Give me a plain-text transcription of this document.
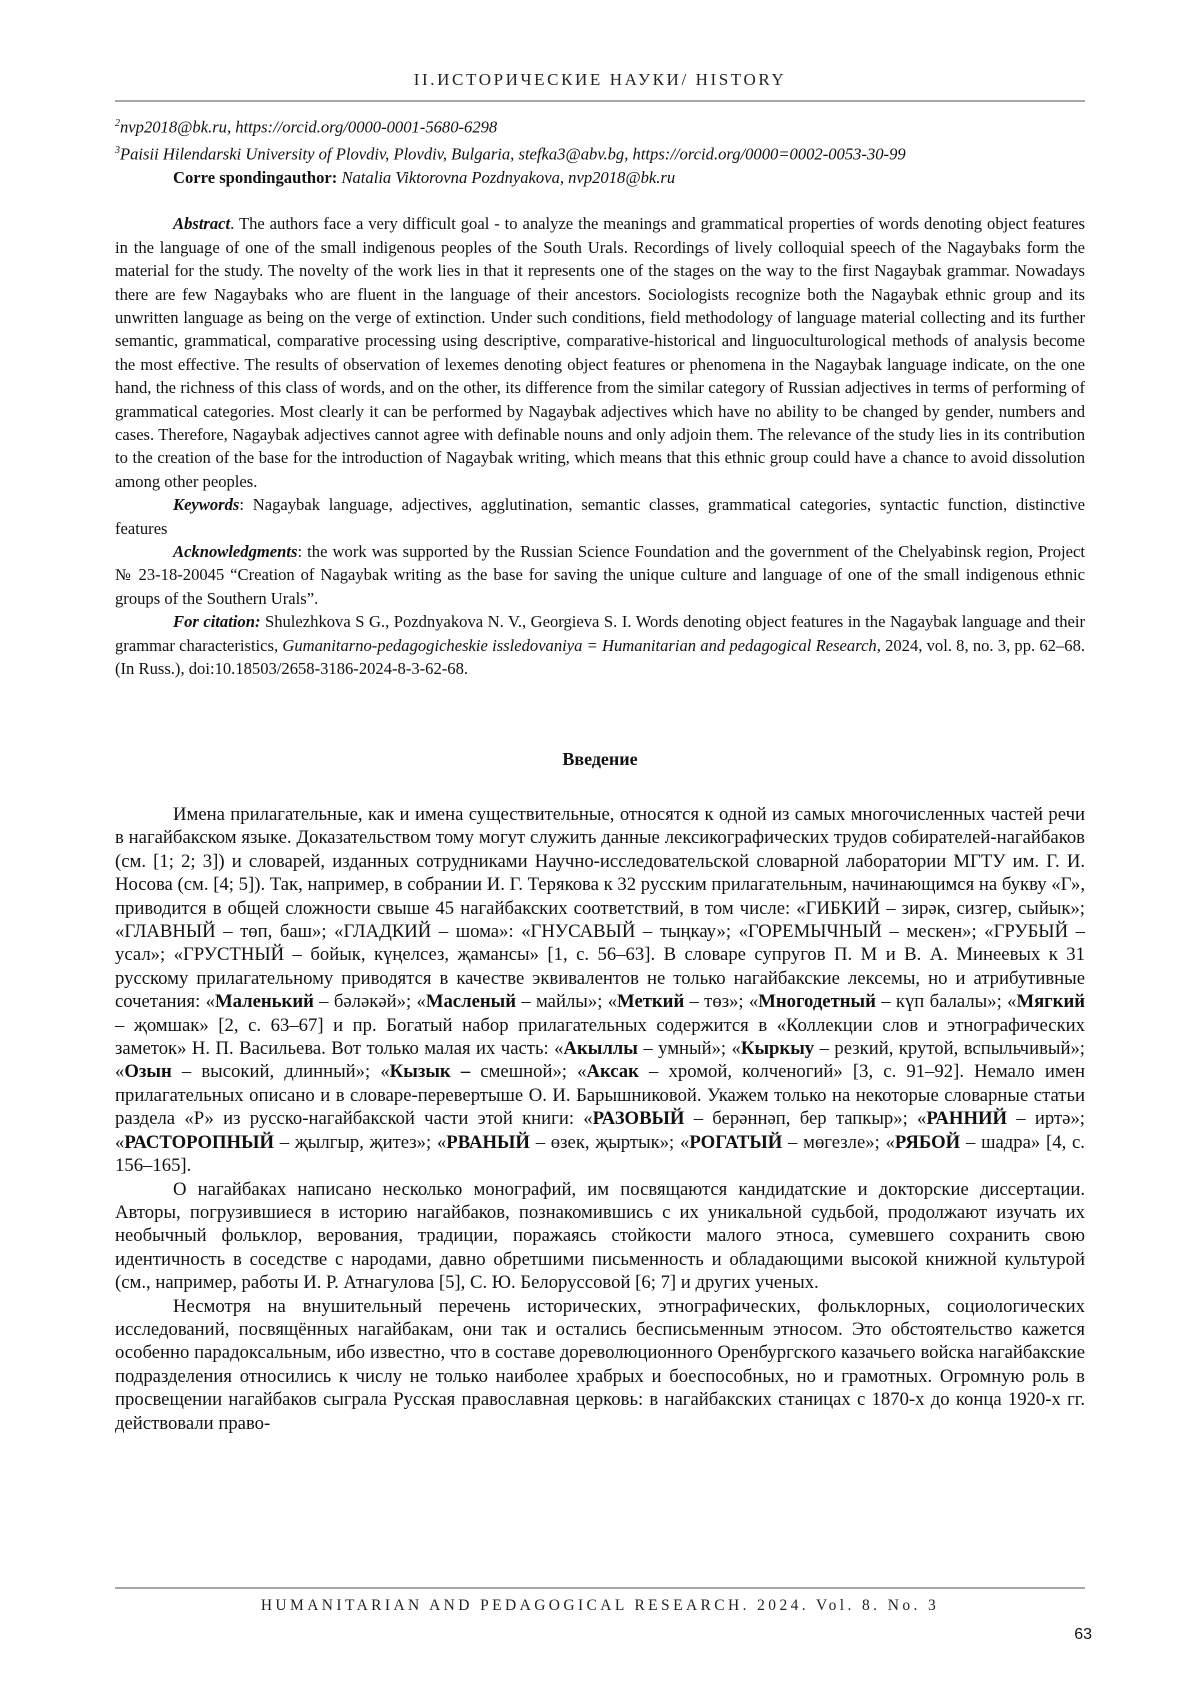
II.ИСТОРИЧЕСКИЕ НАУКИ/ HISTORY
$^2$nvp2018@bk.ru, https://orcid.org/0000-0001-5680-6298
$^3$Paisii Hilendarski University of Plovdiv, Plovdiv, Bulgaria, stefka3@abv.bg, https://orcid.org/0000=0002-0053-30-99
Corre spondingauthor: Natalia Viktorovna Pozdnyakova, nvp2018@bk.ru

Abstract. The authors face a very difficult goal - to analyze the meanings and grammatical properties of words denoting object features in the language of one of the small indigenous peoples of the South Urals. Recordings of lively colloquial speech of the Nagaybaks form the material for the study. The novelty of the work lies in that it represents one of the stages on the way to the first Nagaybak grammar. Nowadays there are few Nagaybaks who are fluent in the language of their ancestors. Sociologists recognize both the Nagaybak ethnic group and its unwritten language as being on the verge of extinction. Under such conditions, field methodology of language material collecting and its further semantic, grammatical, comparative processing using descriptive, comparative-historical and linguoculturological methods of analysis become the most effective. The results of observation of lexemes denoting object features or phenomena in the Nagaybak language indicate, on the one hand, the richness of this class of words, and on the other, its difference from the similar category of Russian adjectives in terms of performing of grammatical categories. Most clearly it can be performed by Nagaybak adjectives which have no ability to be changed by gender, numbers and cases. Therefore, Nagaybak adjectives cannot agree with definable nouns and only adjoin them. The relevance of the study lies in its contribution to the creation of the base for the introduction of Nagaybak writing, which means that this ethnic group could have a chance to avoid dissolution among other peoples.

Keywords: Nagaybak language, adjectives, agglutination, semantic classes, grammatical categories, syntactic function, distinctive features

Acknowledgments: the work was supported by the Russian Science Foundation and the government of the Chelyabinsk region, Project № 23-18-20045 “Creation of Nagaybak writing as the base for saving the unique culture and language of one of the small indigenous ethnic groups of the Southern Urals”.

For citation: Shulezhkova S G., Pozdnyakova N. V., Georgieva S. I. Words denoting object features in the Nagaybak language and their grammar characteristics, Gumanitarno-pedagogicheskie issledovaniya = Humanitarian and pedagogical Research, 2024, vol. 8, no. 3, pp. 62–68. (In Russ.), doi:10.18503/2658-3186-2024-8-3-62-68.

Введение

Имена прилагательные, как и имена существительные, относятся к одной из самых многочисленных частей речи в нагайбакском языке. Доказательством тому могут служить данные лексикографических трудов собирателей-нагайбаков (см. [1; 2; 3]) и словарей, изданных сотрудниками Научно-исследовательской словарной лаборатории МГТУ им. Г. И. Носова (см. [4; 5]). Так, например, в собрании И. Г. Терякова к 32 русским прилагательным, начинающимся на букву «Г», приводится в общей сложности свыше 45 нагайбакских соответствий, в том числе: «ГИБКИЙ – зирәк, сизгер, сыйык»; «ГЛАВНЫЙ – төп, баш»; «ГЛАДКИЙ – шома»: «ГНУСАВЫЙ – тыңкау»; «ГОРЕМЫЧНЫЙ – мескен»; «ГРУБЫЙ – усал»; «ГРУСТНЫЙ – бойык, күңелсез, җамансы» [1, с. 56–63]. В словаре супругов П. М и В. А. Минеевых к 31 русскому прилагательному приводятся в качестве эквивалентов не только нагайбакские лексемы, но и атрибутивные сочетания: «Маленький – бәләкәй»; «Масленый – майлы»; «Меткий – төз»; «Многодетный – күп балалы»; «Мягкий – җомшак» [2, с. 63–67] и пр. Богатый набор прилагательных содержится в «Коллекции слов и этнографических заметок» Н. П. Васильева. Вот только малая их часть: «Акыллы – умный»; «Кыркыу – резкий, крутой, вспыльчивый»; «Озын – высокий, длинный»; «Кызык – смешной»; «Аксак – хромой, колченогий» [3, с. 91–92]. Немало имен прилагательных описано и в словаре-перевертыше О. И. Барышниковой. Укажем только на некоторые словарные статьи раздела «Р» из русско-нагайбакской части этой книги: «РАЗОВЫЙ – берәннәп, бер тапкыр»; «РАННИЙ – иртә»; «РАСТОРОПНЫЙ – җылгыр, җитез»; «РВАНЫЙ – өзек, җыртык»; «РОГАТЫЙ – мөгезле»; «РЯБОЙ – шадра» [4, с. 156–165].

О нагайбаках написано несколько монографий, им посвящаются кандидатские и докторские диссертации. Авторы, погрузившиеся в историю нагайбаков, познакомившись с их уникальной судьбой, продолжают изучать их необычный фольклор, верования, традиции, поражаясь стойкости малого этноса, сумевшего сохранить свою идентичность в соседстве с народами, давно обретшими письменность и обладающими высокой книжной культурой (см., например, работы И. Р. Атнагулова [5], С. Ю. Белоруссовой [6; 7] и других ученых.

Несмотря на внушительный перечень исторических, этнографических, фольклорных, социологических исследований, посвящённых нагайбакам, они так и остались бесписьменным этносом. Это обстоятельство кажется особенно парадоксальным, ибо известно, что в составе дореволюционного Оренбургского казачьего войска нагайбакские подразделения относились к числу не только наиболее храбрых и боеспособных, но и грамотных. Огромную роль в просвещении нагайбаков сыграла Русская православная церковь: в нагайбакских станицах с 1870-х до конца 1920-х гг. действовали право-

HUMANITARIAN AND PEDAGOGICAL RESEARCH. 2024. Vol. 8. No. 3
63
